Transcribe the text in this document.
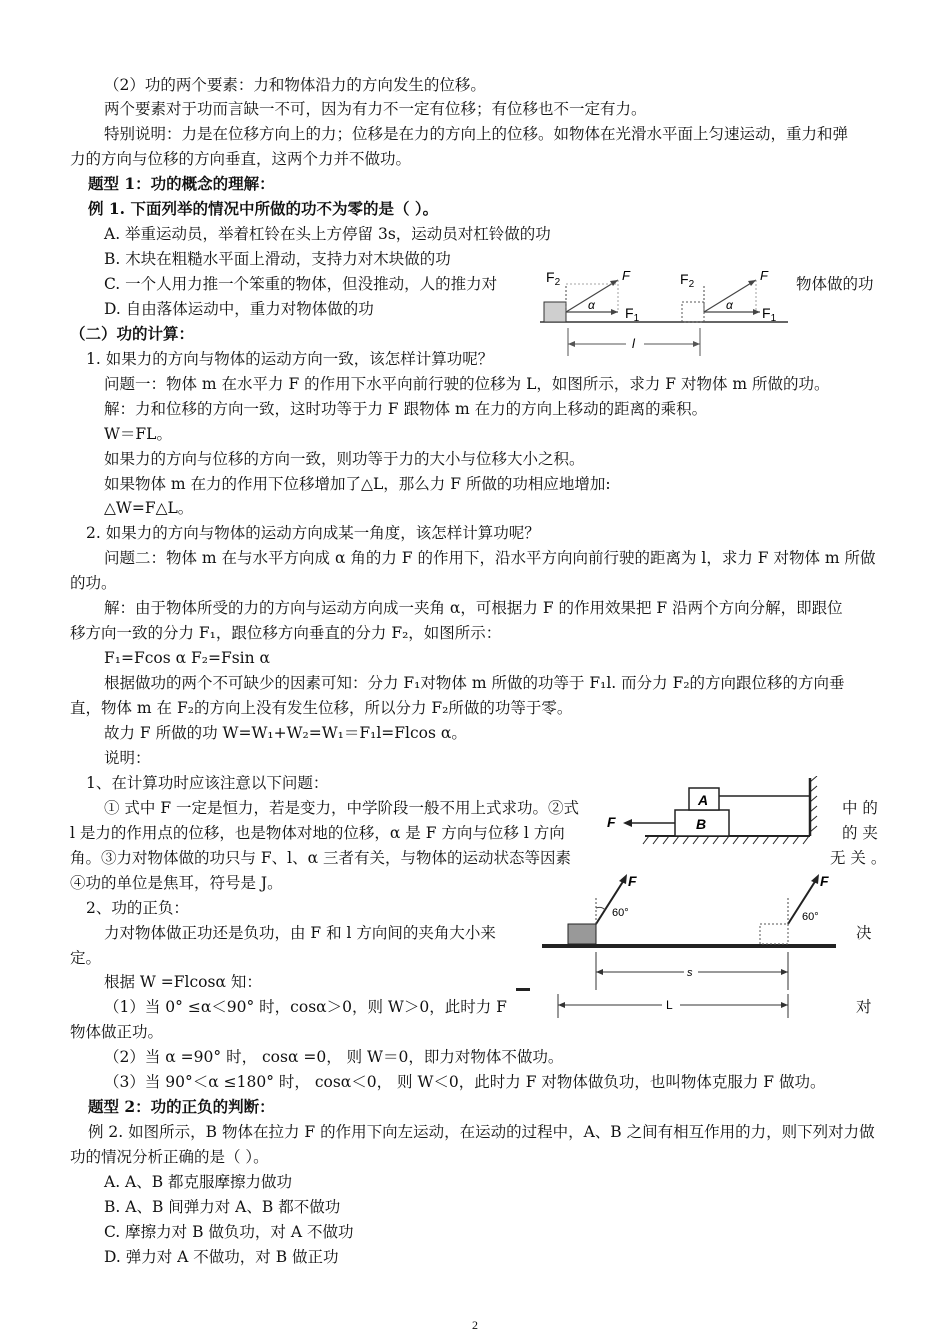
（2）功的两个要素：力和物体沿力的方向发生的位移。
两个要素对于功而言缺一不可，因为有力不一定有位移；有位移也不一定有力。
特别说明：力是在位移方向上的力；位移是在力的方向上的位移。如物体在光滑水平面上匀速运动，重力和弹
力的方向与位移的方向垂直，这两个力并不做功。
题型 1：功的概念的理解：
例 1. 下面列举的情况中所做的功不为零的是（ ）。
A. 举重运动员，举着杠铃在头上方停留 3s，运动员对杠铃做的功
B. 木块在粗糙水平面上滑动，支持力对木块做的功
C. 一个人用力推一个笨重的物体，但没推动，人的推力对	物体做的功
D. 自由落体运动中，重力对物体做的功
（二）功的计算：
1. 如果力的方向与物体的运动方向一致，该怎样计算功呢？
问题一：物体 m 在水平力 F 的作用下水平向前行驶的位移为 L，如图所示，求力 F 对物体 m 所做的功。
解：力和位移的方向一致，这时功等于力 F 跟物体 m 在力的方向上移动的距离的乘积。
W＝FL。
如果力的方向与位移的方向一致，则功等于力的大小与位移大小之积。
如果物体 m 在力的作用下位移增加了△L，那么力 F 所做的功相应地增加:
△W=F△L。
2. 如果力的方向与物体的运动方向成某一角度，该怎样计算功呢？
问题二：物体 m 在与水平方向成 α 角的力 F 的作用下，沿水平方向向前行驶的距离为 l，求力 F 对物体 m 所做
的功。
解：由于物体所受的力的方向与运动方向成一夹角 α，可根据力 F 的作用效果把 F 沿两个方向分解，即跟位
移方向一致的分力 F₁，跟位移方向垂直的分力 F₂，如图所示：
F₁=Fcos α F₂=Fsin α
根据做功的两个不可缺少的因素可知：分力 F₁对物体 m 所做的功等于 F₁l. 而分力 F₂的方向跟位移的方向垂
直，物体 m 在 F₂的方向上没有发生位移，所以分力 F₂所做的功等于零。
故力 F 所做的功 W=W₁+W₂=W₁＝F₁l=Flcos α。
说明：
1、在计算功时应该注意以下问题：
① 式中 F 一定是恒力，若是变力，中学阶段一般不用上式求功。②式	中 的
l 是力的作用点的位移，也是物体对地的位移，α 是 F 方向与位移 l 方向	的 夹
角。③力对物体做的功只与 F、l、α 三者有关，与物体的运动状态等因素	无 关 。
④功的单位是焦耳，符号是 J。
2、功的正负：
力对物体做正功还是负功，由 F 和 l 方向间的夹角大小来	决
定。
根据 W =Flcosα 知：
（1）当 0° ≤α＜90° 时，cosα＞0，则 W＞0，此时力 F	对
物体做正功。
（2）当 α =90° 时， cosα =0， 则 W＝0，即力对物体不做功。
（3）当 90°＜α ≤180° 时， cosα＜0， 则 W＜0，此时力 F 对物体做负功，也叫物体克服力 F 做功。
题型 2：功的正负的判断：
例 2. 如图所示，B 物体在拉力 F 的作用下向左运动，在运动的过程中，A、B 之间有相互作用的力，则下列对力做
功的情况分析正确的是（ ）。
A. A、B 都克服摩擦力做功
B. A、B 间弹力对 A、B 都不做功
C. 摩擦力对 B 做负功，对 A 不做功
D. 弹力对 A 不做功，对 B 做正功
$F_2$	F
α $F_1$
$F_2$
F
α $F_1$
l
B
A
F
F
60°
F
60°
s
L
2
